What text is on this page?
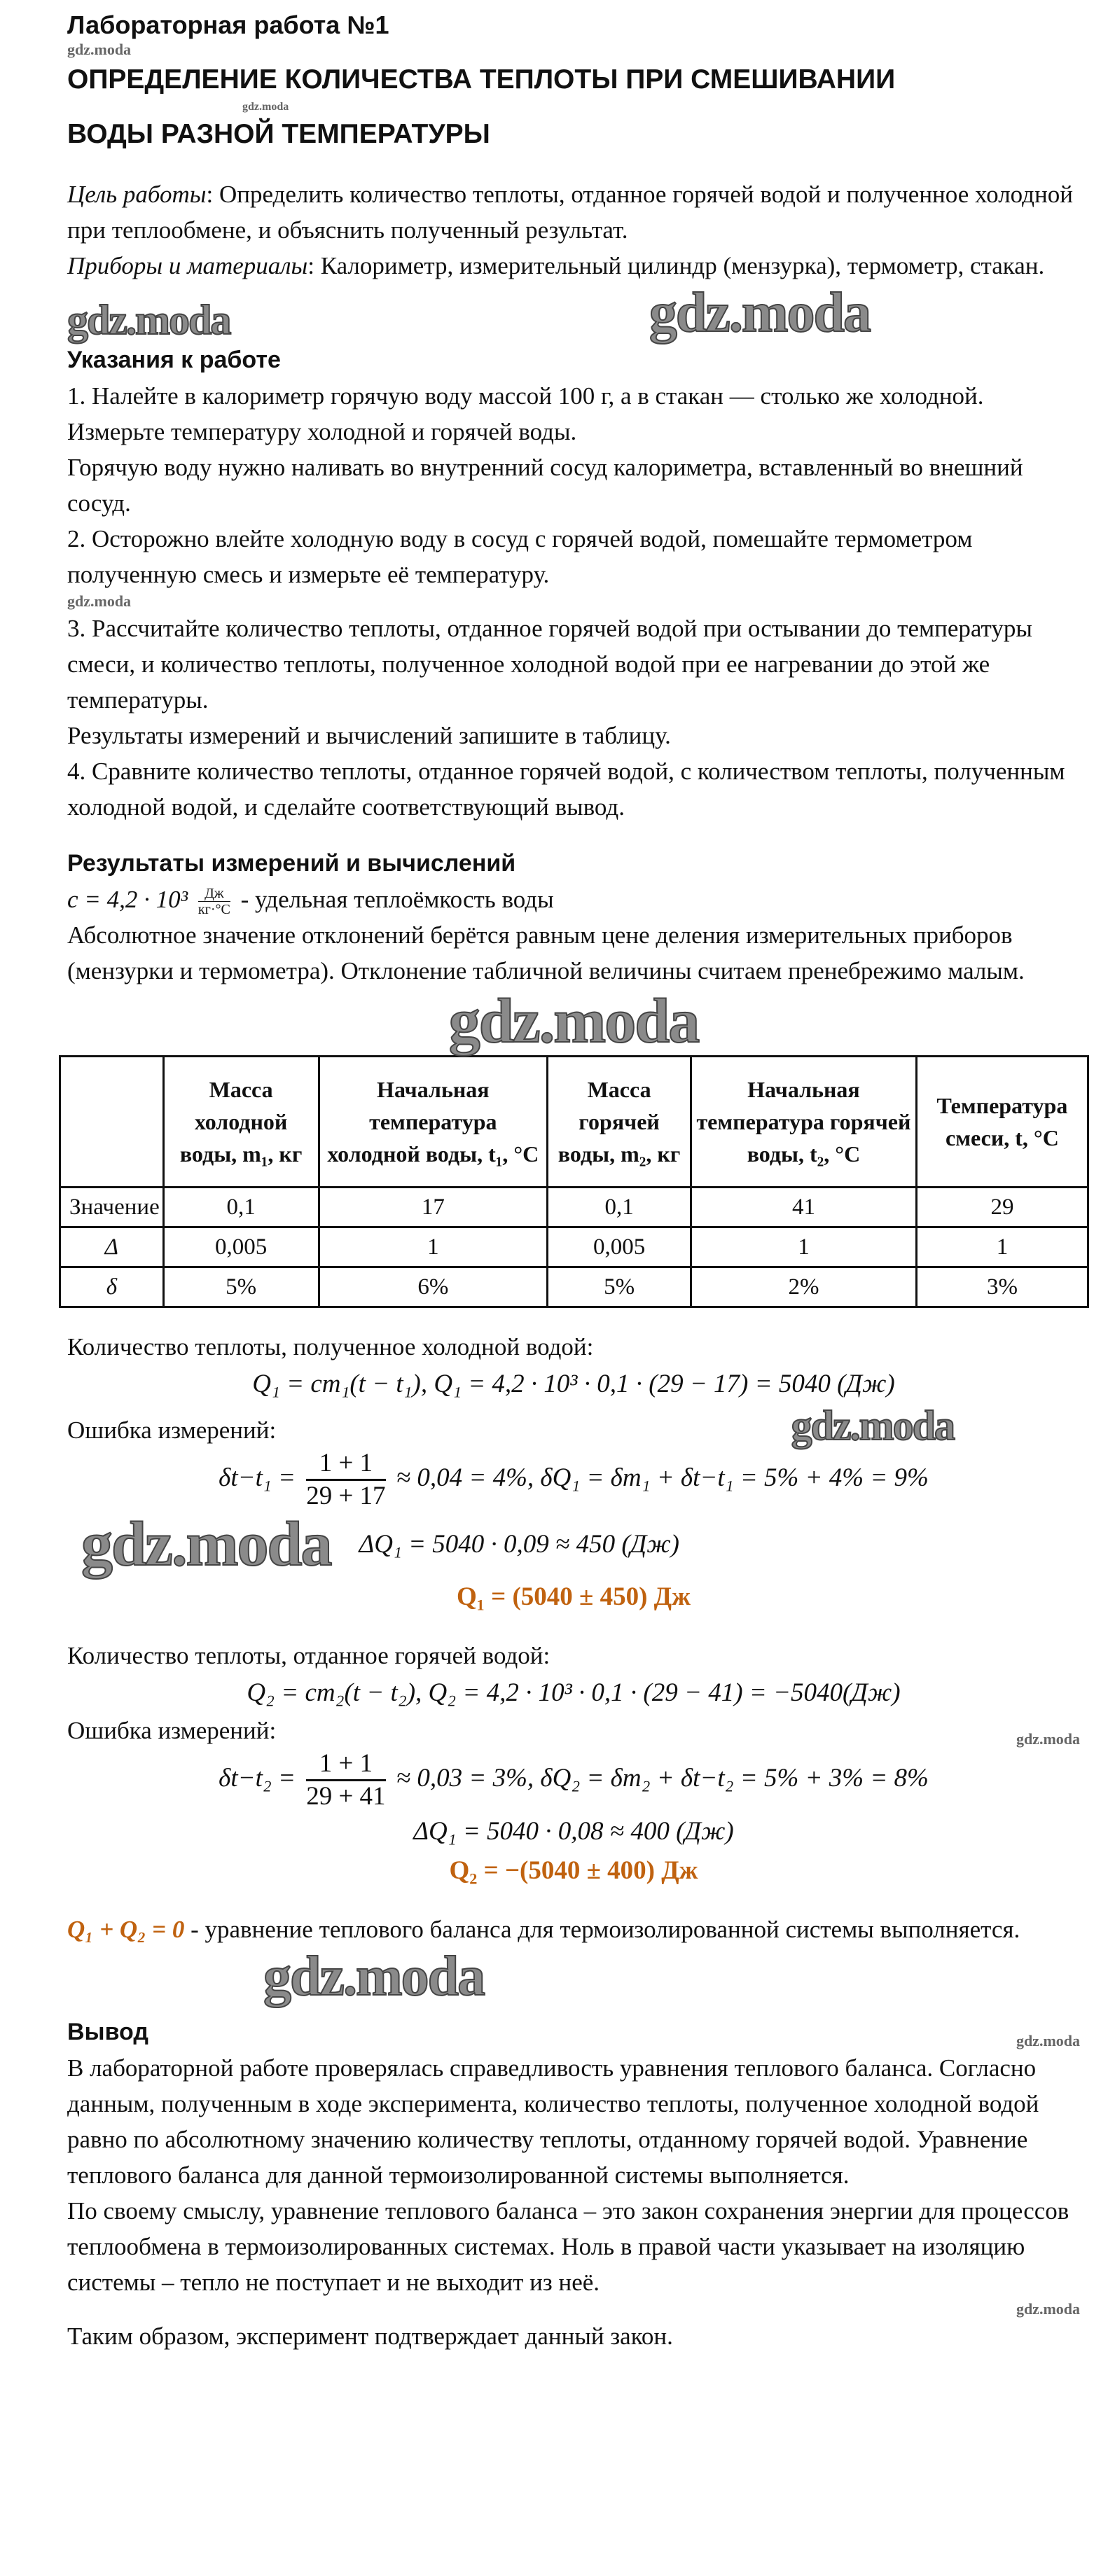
Лабораторная работа №1
gdz.moda
ОПРЕДЕЛЕНИЕ КОЛИЧЕСТВА ТЕПЛОТЫ ПРИ СМЕШИВАНИИ
gdz.moda
ВОДЫ РАЗНОЙ ТЕМПЕРАТУРЫ
Цель работы: Определить количество теплоты, отданное горячей водой и полученное холодной при теплообмене, и объяснить полученный результат.
Приборы и материалы: Калориметр, измерительный цилиндр (мензурка), термометр, стакан.
gdz.moda	gdz.moda
Указания к работе
1. Налейте в калориметр горячую воду массой 100 г, а в стакан — столько же холодной. Измерьте температуру холодной и горячей воды.
Горячую воду нужно наливать во внутренний сосуд калориметра, вставленный во внешний сосуд.
2. Осторожно влейте холодную воду в сосуд с горячей водой, помешайте термометром полученную смесь и измерьте её температуру.
gdz.moda
3. Рассчитайте количество теплоты, отданное горячей водой при остывании до температуры смеси, и количество теплоты, полученное холодной водой при ее нагревании до этой же температуры.
Результаты измерений и вычислений запишите в таблицу.
4. Сравните количество теплоты, отданное горячей водой, с количеством теплоты, полученным холодной водой, и сделайте соответствующий вывод.
Результаты измерений и вычислений
$c = 4,2 \cdot 10^3 \frac{Дж}{кг\cdot^\circ C}$ - удельная теплоёмкость воды
Абсолютное значение отклонений берётся равным цене деления измерительных приборов (мензурки и термометра). Отклонение табличной величины считаем пренебрежимо малым.
gdz.moda
	Масса холодной воды, m₁, кг	Начальная температура холодной воды, t₁, °C	Масса горячей воды, m₂, кг	Начальная температура горячей воды, t₂, °C	Температура смеси, t, °C
Значение	0,1	17	0,1	41	29
Δ	0,005	1	0,005	1	1
δ	5%	6%	5%	2%	3%
Количество теплоты, полученное холодной водой:
Q₁ = cm₁(t − t₁), Q₁ = 4,2 · 10³ · 0,1 · (29 − 17) = 5040 (Дж)
Ошибка измерений:	gdz.moda
$\delta t-t_1 = \frac{1 + 1}{29 + 17} \approx 0,04 = 4\%$, δQ₁ = δm₁ + δt−t₁ = 5% + 4% = 9%
gdz.moda ΔQ₁ = 5040 · 0,09 ≈ 450 (Дж)
Q₁ = (5040 ± 450) Дж
Количество теплоты, отданное горячей водой:
Q₂ = cm₂(t − t₂), Q₂ = 4,2 · 10³ · 0,1 · (29 − 41) = −5040(Дж)
Ошибка измерений:	gdz.moda
$\delta t-t_2 = \frac{1 + 1}{29 + 41} \approx 0,03 = 3\%$, δQ₂ = δm₂ + δt−t₂ = 5% + 3% = 8%
ΔQ₁ = 5040 · 0,08 ≈ 400 (Дж)
Q₂ = −(5040 ± 400) Дж
Q₁ + Q₂ = 0 - уравнение теплового баланса для термоизолированной системы выполняется.
gdz.moda
Вывод	gdz.moda
В лабораторной работе проверялась справедливость уравнения теплового баланса. Согласно данным, полученным в ходе эксперимента, количество теплоты, полученное холодной водой равно по абсолютному значению количеству теплоты, отданному горячей водой. Уравнение теплового баланса для данной термоизолированной системы выполняется.
По своему смыслу, уравнение теплового баланса – это закон сохранения энергии для процессов теплообмена в термоизолированных системах. Ноль в правой части указывает на изоляцию системы – тепло не поступает и не выходит из неё.
gdz.moda
Таким образом, эксперимент подтверждает данный закон.
